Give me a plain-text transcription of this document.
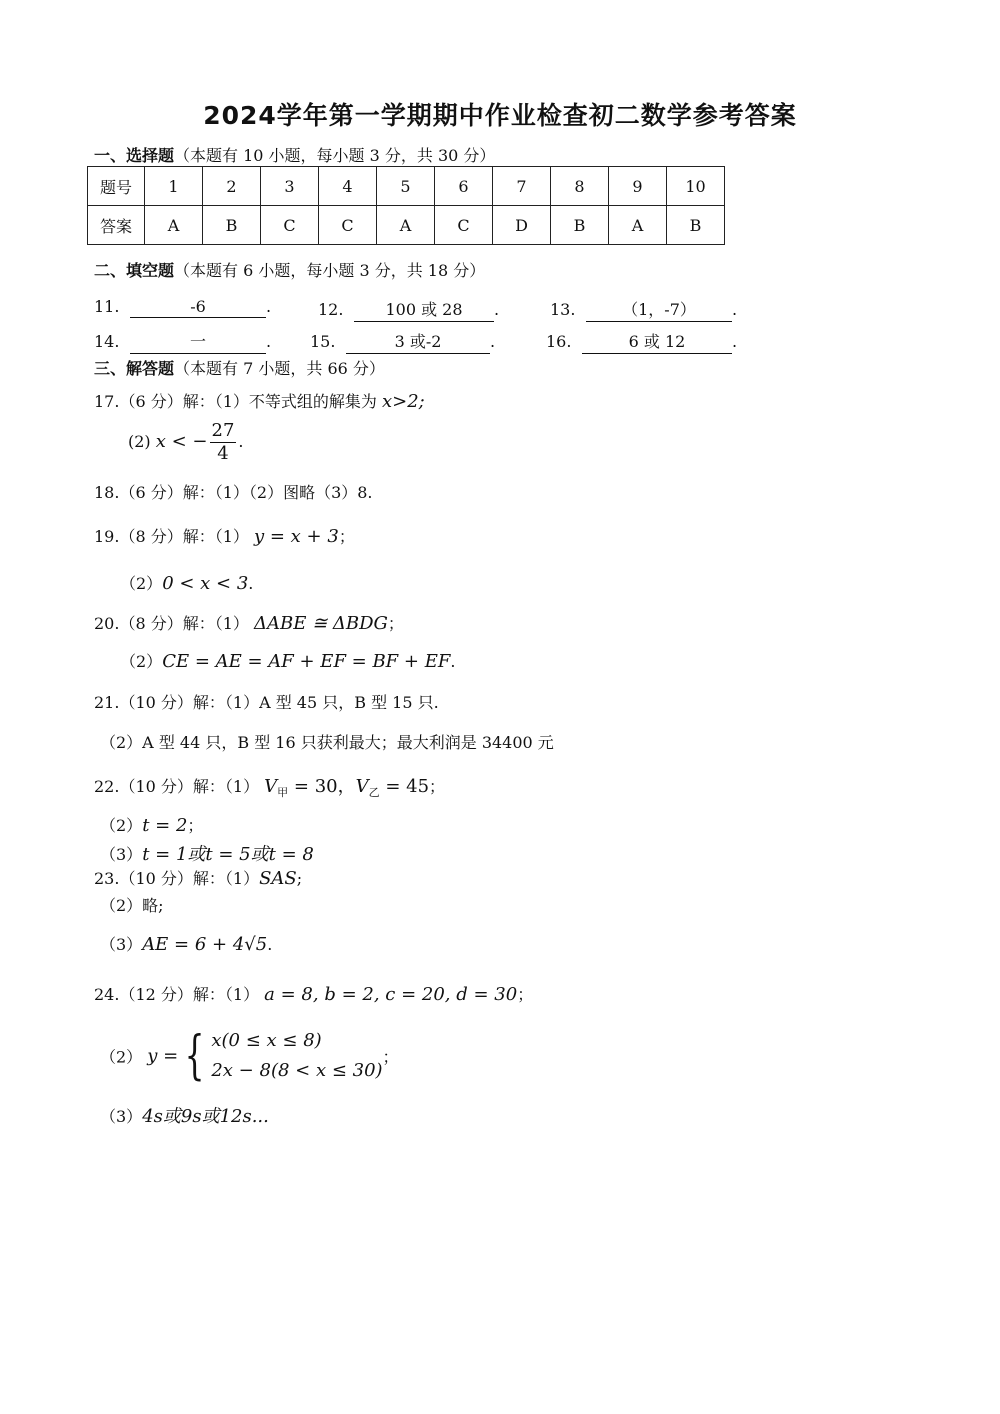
2024学年第一学期期中作业检查初二数学参考答案
一、选择题（本题有 10 小题，每小题 3 分，共 30 分）
题号	1	2	3	4	5	6	7	8	9	10
答案	A	B	C	C	A	C	D	B	A	B
二、填空题（本题有 6 小题，每小题 3 分，共 18 分）
11.	-6	.	12.	100 或 28 .	13.	（1，-7） .
14.	一	. 15.	3 或-2	.	16.	6 或 12	.
三、解答题（本题有 7 小题，共 66 分）
17.（6 分）解：（1）不等式组的解集为 x>2;
(2) x < − $\frac{27}{4}$ .
18.（6 分）解：（1）（2）图略（3）8.
19.（8 分）解：（1） y = x + 3；
（2）0 < x < 3.
20.（8 分）解：（1） ΔABE ≅ ΔBDG；
（2）CE = AE = AF + EF = BF + EF.
21.（10 分）解：（1）A 型 45 只，B 型 15 只.
（2）A 型 44 只，B 型 16 只获利最大；最大利润是 34400 元
22.（10 分）解：（1） $V_甲 = 30$，$V_乙 = 45$；
（2）t = 2；
（3）t = 1或t = 5或t = 8
23.（10 分）解：（1）SAS;
（2）略;
（3）AE = 6 + 4√5.
24.（12 分）解：（1） a = 8, b = 2, c = 20, d = 30；
（2） y = { x(0 ≤ x ≤ 8)
2x − 8(8 < x ≤ 30)
；
（3）4s或9s或12s...
